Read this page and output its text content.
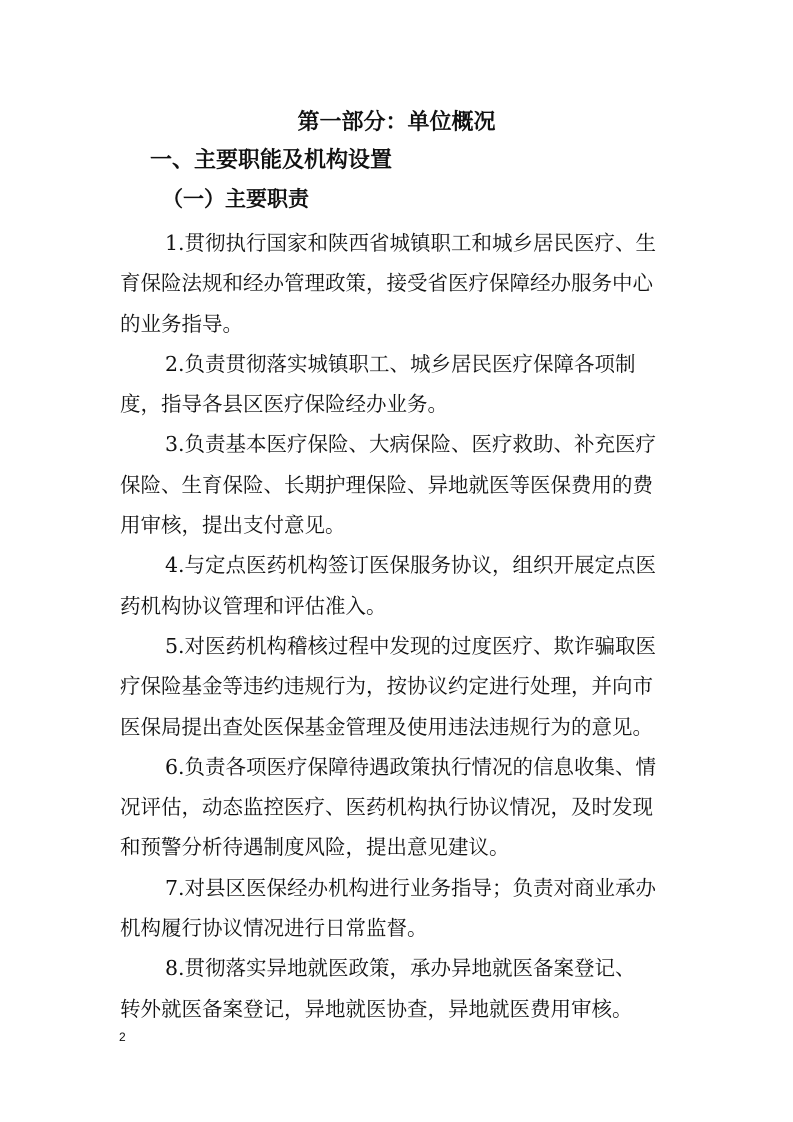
第一部分：单位概况
一、主要职能及机构设置
（一）主要职责
1.贯彻执行国家和陕西省城镇职工和城乡居民医疗、生
育保险法规和经办管理政策，接受省医疗保障经办服务中心
的业务指导。
2.负责贯彻落实城镇职工、城乡居民医疗保障各项制
度，指导各县区医疗保险经办业务。
3.负责基本医疗保险、大病保险、医疗救助、补充医疗
保险、生育保险、长期护理保险、异地就医等医保费用的费
用审核，提出支付意见。
4.与定点医药机构签订医保服务协议，组织开展定点医
药机构协议管理和评估准入。
5.对医药机构稽核过程中发现的过度医疗、欺诈骗取医
疗保险基金等违约违规行为，按协议约定进行处理，并向市
医保局提出查处医保基金管理及使用违法违规行为的意见。
6.负责各项医疗保障待遇政策执行情况的信息收集、情
况评估，动态监控医疗、医药机构执行协议情况，及时发现
和预警分析待遇制度风险，提出意见建议。
7.对县区医保经办机构进行业务指导；负责对商业承办
机构履行协议情况进行日常监督。
8.贯彻落实异地就医政策，承办异地就医备案登记、
转外就医备案登记，异地就医协查，异地就医费用审核。
2
